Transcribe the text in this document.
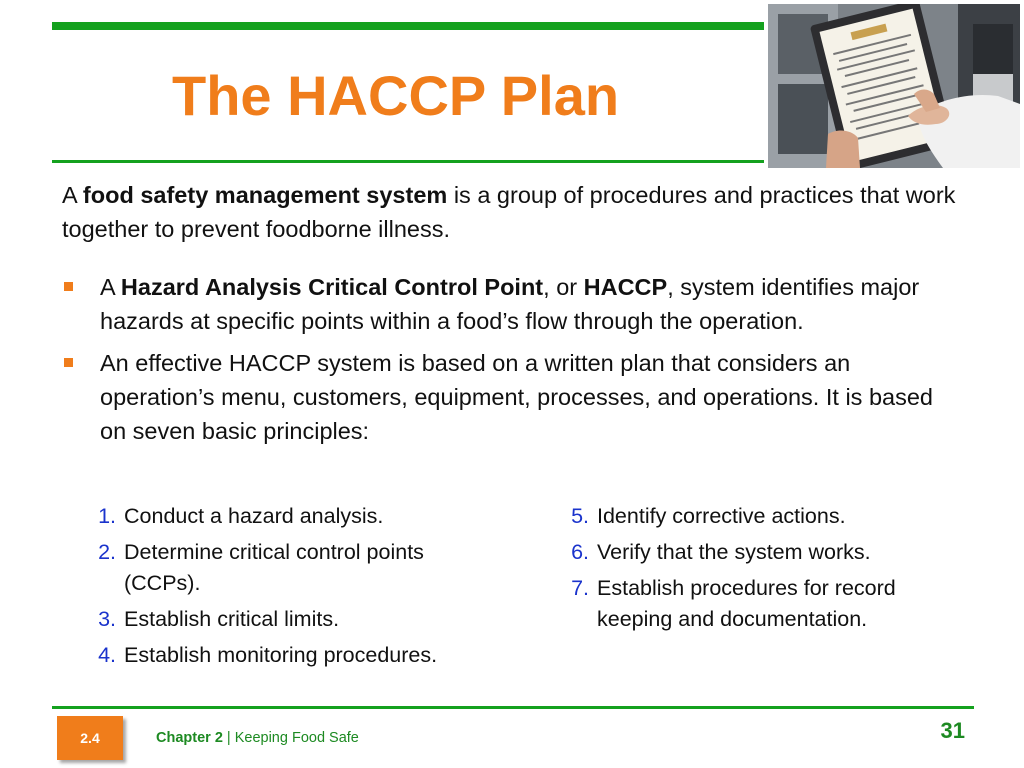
The HACCP Plan
A food safety management system is a group of procedures and practices that work together to prevent foodborne illness.
A Hazard Analysis Critical Control Point, or HACCP, system identifies major hazards at specific points within a food’s flow through the operation.
An effective HACCP system is based on a written plan that considers an operation’s menu, customers, equipment, processes, and operations. It is based on seven basic principles:
1. Conduct a hazard analysis.
2. Determine critical control points (CCPs).
3. Establish critical limits.
4. Establish monitoring procedures.
5. Identify corrective actions.
6. Verify that the system works.
7. Establish procedures for record keeping and documentation.
2.4	Chapter 2 | Keeping Food Safe	31
